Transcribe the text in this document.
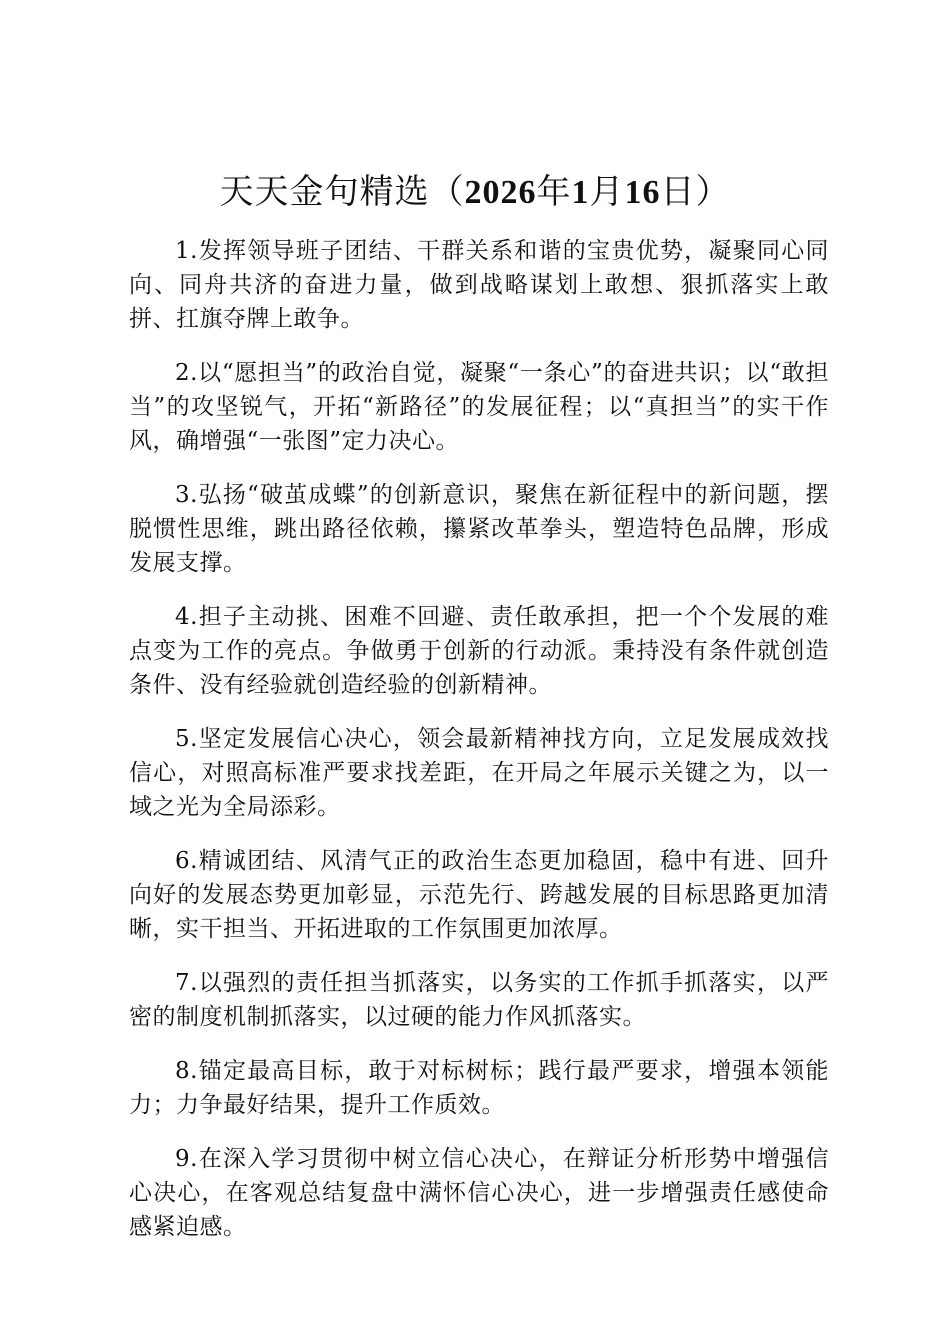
天天金句精选（2026年1月16日）

1.发挥领导班子团结、干群关系和谐的宝贵优势，凝聚同心同向、同舟共济的奋进力量，做到战略谋划上敢想、狠抓落实上敢拼、扛旗夺牌上敢争。

2.以“愿担当”的政治自觉，凝聚“一条心”的奋进共识；以“敢担当”的攻坚锐气，开拓“新路径”的发展征程；以“真担当”的实干作风，确增强“一张图”定力决心。

3.弘扬“破茧成蝶”的创新意识，聚焦在新征程中的新问题，摆脱惯性思维，跳出路径依赖，攥紧改革拳头，塑造特色品牌，形成发展支撑。

4.担子主动挑、困难不回避、责任敢承担，把一个个发展的难点变为工作的亮点。争做勇于创新的行动派。秉持没有条件就创造条件、没有经验就创造经验的创新精神。

5.坚定发展信心决心，领会最新精神找方向，立足发展成效找信心，对照高标准严要求找差距，在开局之年展示关键之为，以一域之光为全局添彩。

6.精诚团结、风清气正的政治生态更加稳固，稳中有进、回升向好的发展态势更加彰显，示范先行、跨越发展的目标思路更加清晰，实干担当、开拓进取的工作氛围更加浓厚。

7.以强烈的责任担当抓落实，以务实的工作抓手抓落实，以严密的制度机制抓落实，以过硬的能力作风抓落实。

8.锚定最高目标，敢于对标树标；践行最严要求，增强本领能力；力争最好结果，提升工作质效。

9.在深入学习贯彻中树立信心决心，在辩证分析形势中增强信心决心，在客观总结复盘中满怀信心决心，进一步增强责任感使命感紧迫感。
